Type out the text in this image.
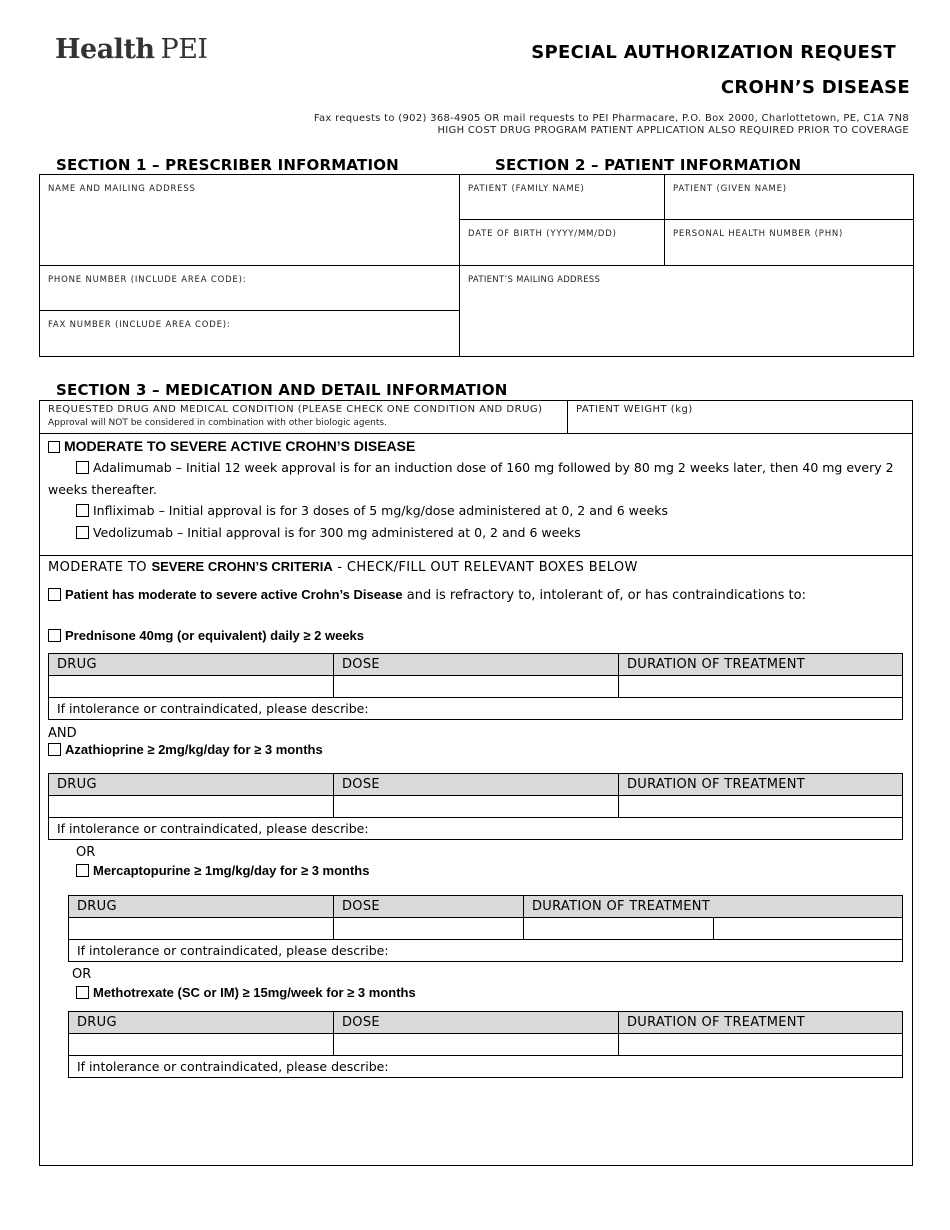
Health PEI	SPECIAL AUTHORIZATION REQUEST
CROHN’S DISEASE
Fax requests to (902) 368-4905 OR mail requests to PEI Pharmacare, P.O. Box 2000, Charlottetown, PE, C1A 7N8
HIGH COST DRUG PROGRAM PATIENT APPLICATION ALSO REQUIRED PRIOR TO COVERAGE
SECTION 1 – PRESCRIBER INFORMATION	SECTION 2 – PATIENT INFORMATION
NAME AND MAILING ADDRESS
PHONE NUMBER (INCLUDE AREA CODE):
FAX NUMBER (INCLUDE AREA CODE):
PATIENT (FAMILY NAME)	PATIENT (GIVEN NAME)
DATE OF BIRTH (YYYY/MM/DD)	PERSONAL HEALTH NUMBER (PHN)
PATIENT’S MAILING ADDRESS
SECTION 3 – MEDICATION AND DETAIL INFORMATION
REQUESTED DRUG AND MEDICAL CONDITION (PLEASE CHECK ONE CONDITION AND DRUG)
Approval will NOT be considered in combination with other biologic agents.
PATIENT WEIGHT (kg)
MODERATE TO SEVERE ACTIVE CROHN’S DISEASE
Adalimumab – Initial 12 week approval is for an induction dose of 160 mg followed by 80 mg 2 weeks later, then 40 mg every 2
weeks thereafter.
Infliximab – Initial approval is for 3 doses of 5 mg/kg/dose administered at 0, 2 and 6 weeks
Vedolizumab – Initial approval is for 300 mg administered at 0, 2 and 6 weeks
MODERATE TO SEVERE CROHN’S CRITERIA - CHECK/FILL OUT RELEVANT BOXES BELOW
Patient has moderate to severe active Crohn’s Disease and is refractory to, intolerant of, or has contraindications to:
Prednisone 40mg (or equivalent) daily ≥ 2 weeks
DRUG	DOSE	DURATION OF TREATMENT

If intolerance or contraindicated, please describe:		
AND
Azathioprine ≥ 2mg/kg/day for ≥ 3 months
DRUG	DOSE	DURATION OF TREATMENT

If intolerance or contraindicated, please describe:		
OR
Mercaptopurine ≥ 1mg/kg/day for ≥ 3 months
DRUG	DOSE	DURATION OF TREATMENT	

If intolerance or contraindicated, please describe:			
OR
Methotrexate (SC or IM) ≥ 15mg/week for ≥ 3 months
DRUG	DOSE	DURATION OF TREATMENT

If intolerance or contraindicated, please describe:		
